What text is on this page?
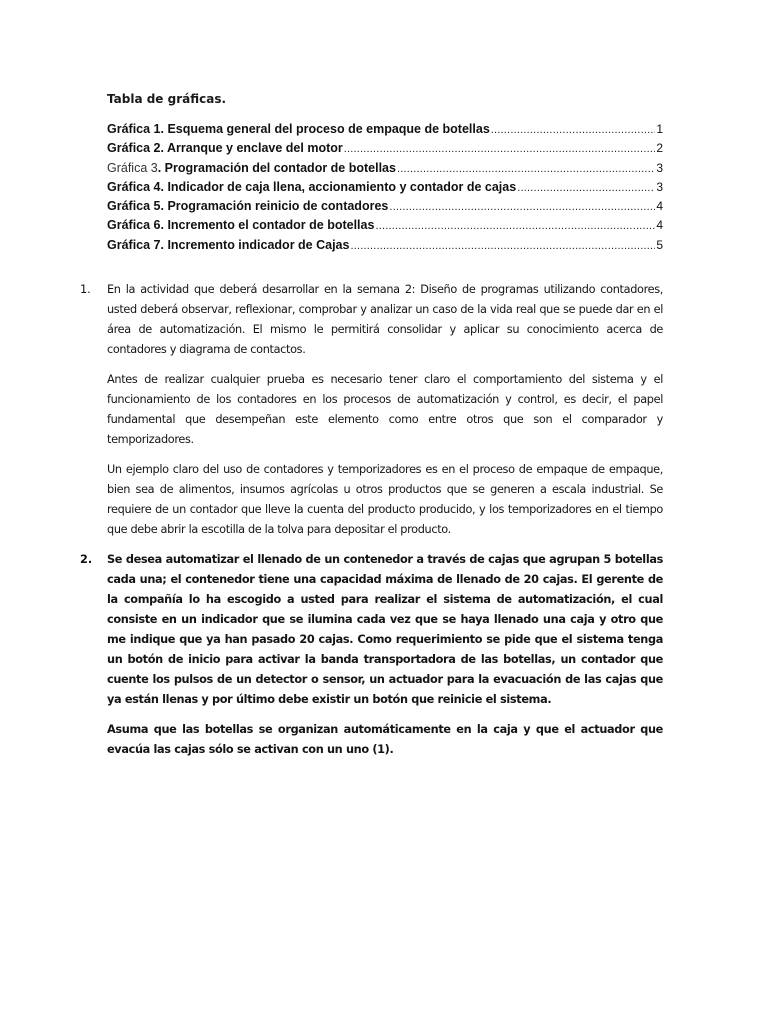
Tabla de gráficas.
Gráfica 1. Esquema general del proceso de empaque de botellas .....	1
Gráfica 2. Arranque y enclave del motor .....	2
Gráfica 3. Programación del contador de botellas .....	3
Gráfica 4. Indicador de caja llena, accionamiento y contador de cajas .....	3
Gráfica 5. Programación reinicio de contadores .....	4
Gráfica 6. Incremento el contador de botellas .....	4
Gráfica 7. Incremento indicador de Cajas .....	5
1. En la actividad que deberá desarrollar en la semana 2: Diseño de programas utilizando contadores, usted deberá observar, reflexionar, comprobar y analizar un caso de la vida real que se puede dar en el área de automatización. El mismo le permitirá consolidar y aplicar su conocimiento acerca de contadores y diagrama de contactos.

Antes de realizar cualquier prueba es necesario tener claro el comportamiento del sistema y el funcionamiento de los contadores en los procesos de automatización y control, es decir, el papel fundamental que desempeñan este elemento como entre otros que son el comparador y temporizadores.

Un ejemplo claro del uso de contadores y temporizadores es en el proceso de empaque de empaque, bien sea de alimentos, insumos agrícolas u otros productos que se generen a escala industrial. Se requiere de un contador que lleve la cuenta del producto producido, y los temporizadores en el tiempo que debe abrir la escotilla de la tolva para depositar el producto.

2. Se desea automatizar el llenado de un contenedor a través de cajas que agrupan 5 botellas cada una; el contenedor tiene una capacidad máxima de llenado de 20 cajas. El gerente de la compañía lo ha escogido a usted para realizar el sistema de automatización, el cual consiste en un indicador que se ilumina cada vez que se haya llenado una caja y otro que me indique que ya han pasado 20 cajas. Como requerimiento se pide que el sistema tenga un botón de inicio para activar la banda transportadora de las botellas, un contador que cuente los pulsos de un detector o sensor, un actuador para la evacuación de las cajas que ya están llenas y por último debe existir un botón que reinicie el sistema.

Asuma que las botellas se organizan automáticamente en la caja y que el actuador que evacúa las cajas sólo se activan con un uno (1).
